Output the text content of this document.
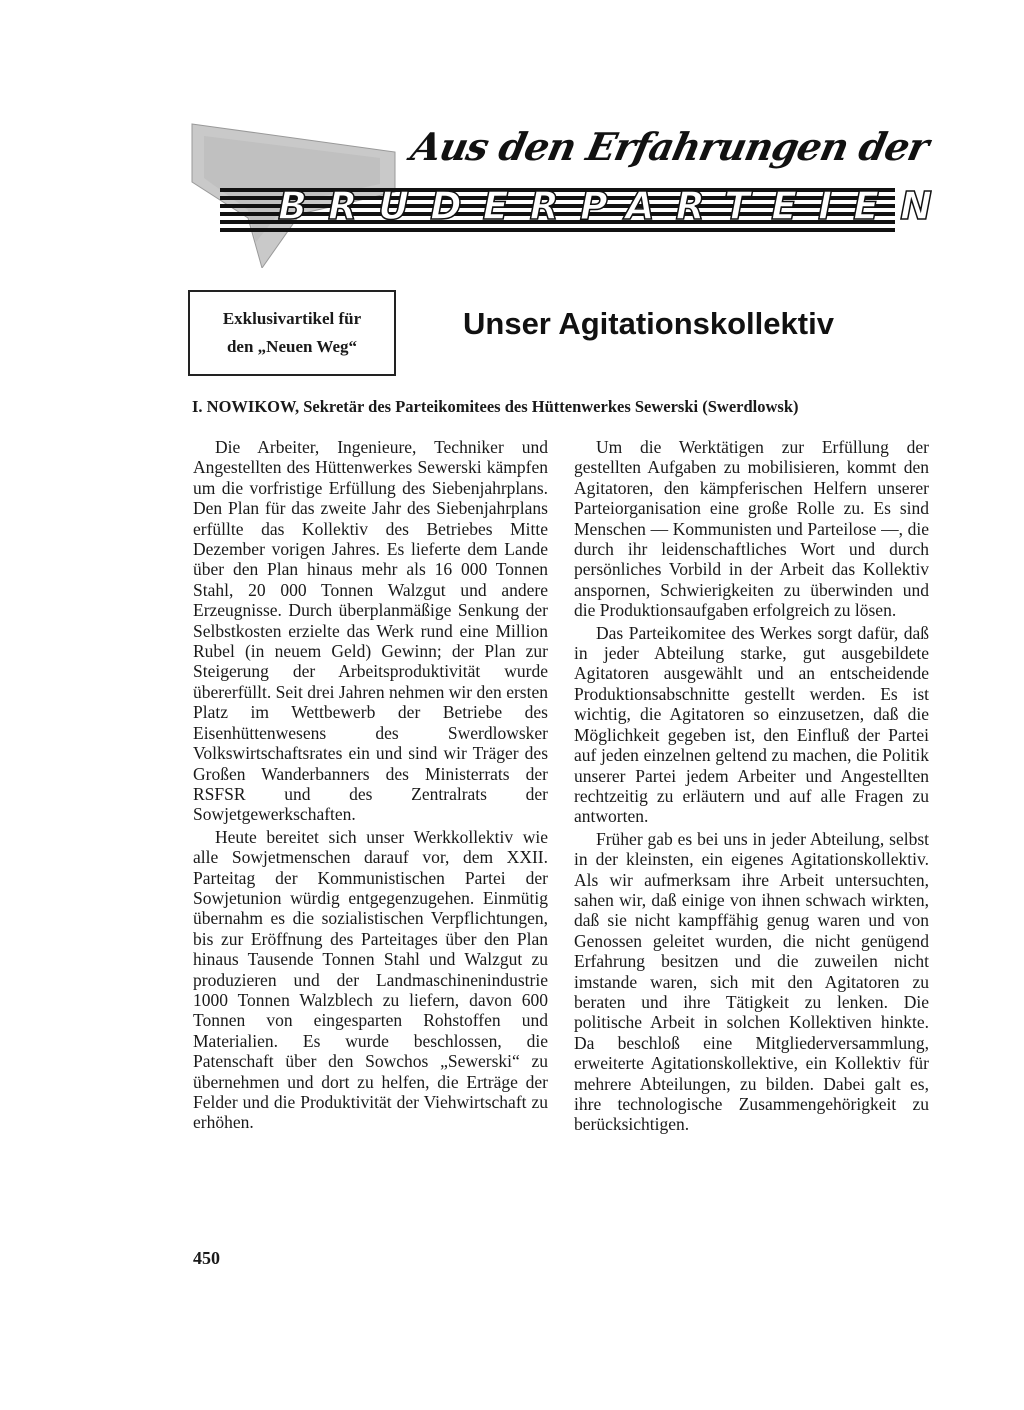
Aus den Erfahrungen der
BRUDERPARTEIEN
Exklusivartikel für
den „Neuen Weg“
Unser Agitationskollektiv
I. NOWIKOW, Sekretär des Parteikomitees des Hüttenwerkes Sewerski (Swerdlowsk)

Die Arbeiter, Ingenieure, Techniker und Angestellten des Hüttenwerkes Sewerski kämpfen um die vorfristige Erfüllung des Siebenjahrplans. Den Plan für das zweite Jahr des Siebenjahrplans erfüllte das Kollektiv des Betriebes Mitte Dezember vorigen Jahres. Es lieferte dem Lande über den Plan hinaus mehr als 16 000 Tonnen Stahl, 20 000 Tonnen Walzgut und andere Erzeugnisse. Durch überplanmäßige Senkung der Selbstkosten erzielte das Werk rund eine Million Rubel (in neuem Geld) Gewinn; der Plan zur Steigerung der Arbeitsproduktivität wurde übererfüllt. Seit drei Jahren nehmen wir den ersten Platz im Wettbewerb der Betriebe des Eisenhüttenwesens des Swerdlowsker Volkswirtschaftsrates ein und sind wir Träger des Großen Wanderbanners des Ministerrats der RSFSR und des Zentralrats der Sowjetgewerkschaften.

Heute bereitet sich unser Werkkollektiv wie alle Sowjetmenschen darauf vor, dem XXII. Parteitag der Kommunistischen Partei der Sowjetunion würdig entgegenzugehen. Einmütig übernahm es die sozialistischen Verpflichtungen, bis zur Eröffnung des Parteitages über den Plan hinaus Tausende Tonnen Stahl und Walzgut zu produzieren und der Landmaschinenindustrie 1000 Tonnen Walzblech zu liefern, davon 600 Tonnen von eingesparten Rohstoffen und Materialien. Es wurde beschlossen, die Patenschaft über den Sowchos „Sewerski“ zu übernehmen und dort zu helfen, die Erträge der Felder und die Produktivität der Viehwirtschaft zu erhöhen.

Um die Werktätigen zur Erfüllung der gestellten Aufgaben zu mobilisieren, kommt den Agitatoren, den kämpferischen Helfern unserer Parteiorganisation eine große Rolle zu. Es sind Menschen — Kommunisten und Parteilose —, die durch ihr leidenschaftliches Wort und durch persönliches Vorbild in der Arbeit das Kollektiv anspornen, Schwierigkeiten zu überwinden und die Produktionsaufgaben erfolgreich zu lösen.

Das Parteikomitee des Werkes sorgt dafür, daß in jeder Abteilung starke, gut ausgebildete Agitatoren ausgewählt und an entscheidende Produktionsabschnitte gestellt werden. Es ist wichtig, die Agitatoren so einzusetzen, daß die Möglichkeit gegeben ist, den Einfluß der Partei auf jeden einzelnen geltend zu machen, die Politik unserer Partei jedem Arbeiter und Angestellten rechtzeitig zu erläutern und auf alle Fragen zu antworten.

Früher gab es bei uns in jeder Abteilung, selbst in der kleinsten, ein eigenes Agitationskollektiv. Als wir aufmerksam ihre Arbeit untersuchten, sahen wir, daß einige von ihnen schwach wirkten, daß sie nicht kampffähig genug waren und von Genossen geleitet wurden, die nicht genügend Erfahrung besitzen und die zuweilen nicht imstande waren, sich mit den Agitatoren zu beraten und ihre Tätigkeit zu lenken. Die politische Arbeit in solchen Kollektiven hinkte. Da beschloß eine Mitgliederversammlung, erweiterte Agitationskollektive, ein Kollektiv für mehrere Abteilungen, zu bilden. Dabei galt es, ihre technologische Zusammengehörigkeit zu berücksichtigen.

450
